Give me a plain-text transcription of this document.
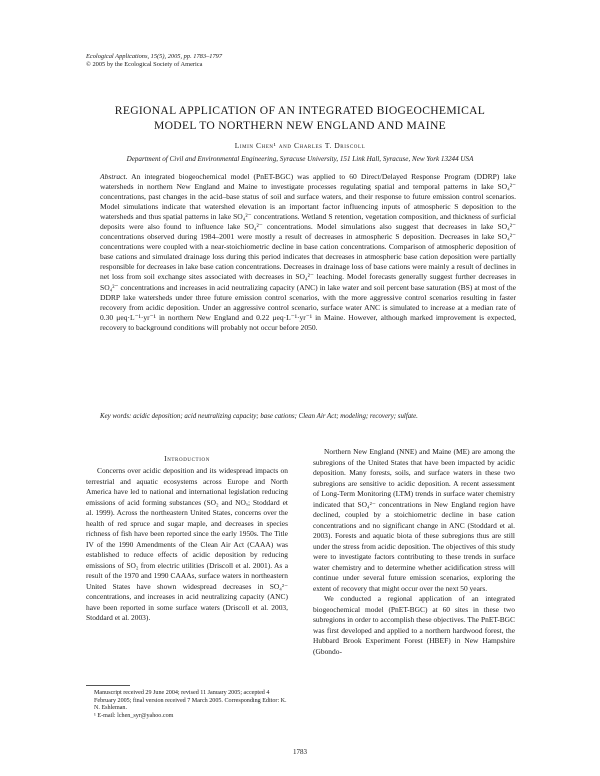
Ecological Applications, 15(5), 2005, pp. 1783–1797
© 2005 by the Ecological Society of America
REGIONAL APPLICATION OF AN INTEGRATED BIOGEOCHEMICAL
MODEL TO NORTHERN NEW ENGLAND AND MAINE
Limin Chen¹ and Charles T. Driscoll
Department of Civil and Environmental Engineering, Syracuse University, 151 Link Hall, Syracuse, New York 13244 USA
Abstract. An integrated biogeochemical model (PnET-BGC) was applied to 60 Direct/Delayed Response Program (DDRP) lake watersheds in northern New England and Maine to investigate processes regulating spatial and temporal patterns in lake SO₄²⁻ concentrations, past changes in the acid–base status of soil and surface waters, and their response to future emission control scenarios. Model simulations indicate that watershed elevation is an important factor influencing inputs of atmospheric S deposition to the watersheds and thus spatial patterns in lake SO₄²⁻ concentrations. Wetland S retention, vegetation composition, and thickness of surficial deposits were also found to influence lake SO₄²⁻ concentrations. Model simulations also suggest that decreases in lake SO₄²⁻ concentrations observed during 1984–2001 were mostly a result of decreases in atmospheric S deposition. Decreases in lake SO₄²⁻ concentrations were coupled with a near-stoichiometric decline in base cation concentrations. Comparison of atmospheric deposition of base cations and simulated drainage loss during this period indicates that decreases in atmospheric base cation deposition were partially responsible for decreases in lake base cation concentrations. Decreases in drainage loss of base cations were mainly a result of declines in net loss from soil exchange sites associated with decreases in SO₄²⁻ leaching. Model forecasts generally suggest further decreases in SO₄²⁻ concentrations and increases in acid neutralizing capacity (ANC) in lake water and soil percent base saturation (BS) at most of the DDRP lake watersheds under three future emission control scenarios, with the more aggressive control scenarios resulting in faster recovery from acidic deposition. Under an aggressive control scenario, surface water ANC is simulated to increase at a median rate of 0.30 μeq·L⁻¹·yr⁻¹ in northern New England and 0.22 μeq·L⁻¹·yr⁻¹ in Maine. However, although marked improvement is expected, recovery to background conditions will probably not occur before 2050.
Key words: acidic deposition; acid neutralizing capacity; base cations; Clean Air Act; modeling; recovery; sulfate.
Introduction

Concerns over acidic deposition and its widespread impacts on terrestrial and aquatic ecosystems across Europe and North America have led to national and international legislation reducing emissions of acid forming substances (SO₂ and NOₓ; Stoddard et al. 1999). Across the northeastern United States, concerns over the health of red spruce and sugar maple, and decreases in species richness of fish have been reported since the early 1950s. The Title IV of the 1990 Amendments of the Clean Air Act (CAAA) was established to reduce effects of acidic deposition by reducing emissions of SO₂ from electric utilities (Driscoll et al. 2001). As a result of the 1970 and 1990 CAAAs, surface waters in northeastern United States have shown widespread decreases in SO₄²⁻ concentrations, and increases in acid neutralizing capacity (ANC) have been reported in some surface waters (Driscoll et al. 2003, Stoddard et al. 2003).

Northern New England (NNE) and Maine (ME) are among the subregions of the United States that have been impacted by acidic deposition. Many forests, soils, and surface waters in these two subregions are sensitive to acidic deposition. A recent assessment of Long-Term Monitoring (LTM) trends in surface water chemistry indicated that SO₄²⁻ concentrations in New England region have declined, coupled by a stoichiometric decline in base cation concentrations and no significant change in ANC (Stoddard et al. 2003). Forests and aquatic biota of these subregions thus are still under the stress from acidic deposition. The objectives of this study were to investigate factors contributing to these trends in surface water chemistry and to determine whether acidification stress will continue under several future emission scenarios, exploring the extent of recovery that might occur over the next 50 years.

We conducted a regional application of an integrated biogeochemical model (PnET-BGC) at 60 sites in these two subregions in order to accomplish these objectives. The PnET-BGC was first developed and applied to a northern hardwood forest, the Hubbard Brook Experiment Forest (HBEF) in New Hampshire (Gbondo-

Manuscript received 29 June 2004; revised 11 January 2005; accepted 4 February 2005; final version received 7 March 2005. Corresponding Editor: K. N. Eshleman.
¹ E-mail: lchen_syr@yahoo.com
1783
